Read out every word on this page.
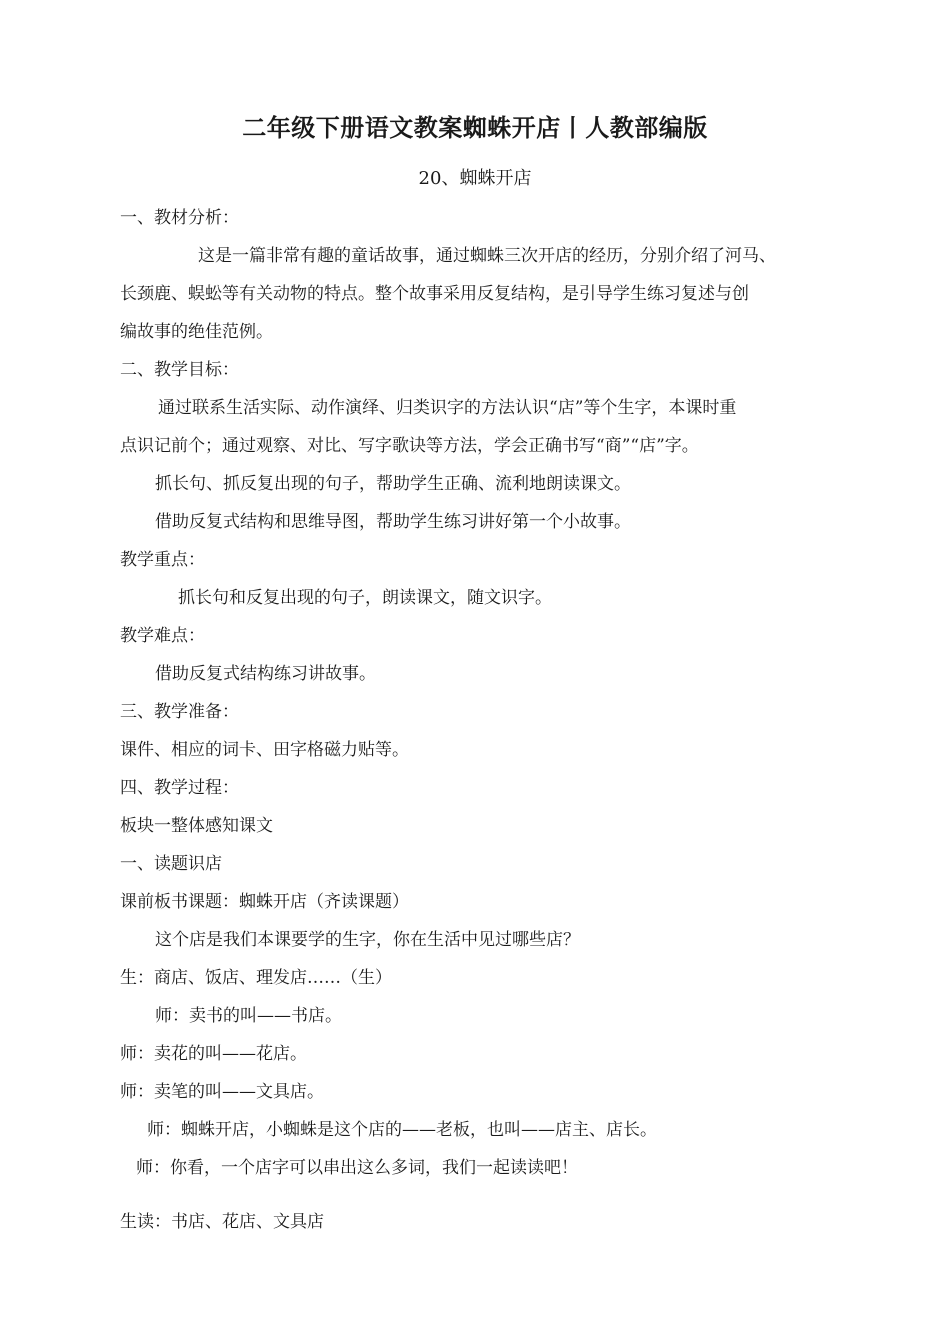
二年级下册语文教案蜘蛛开店丨人教部编版
20、蜘蛛开店
一、教材分析：
这是一篇非常有趣的童话故事，通过蜘蛛三次开店的经历，分别介绍了河马、
长颈鹿、蜈蚣等有关动物的特点。整个故事采用反复结构，是引导学生练习复述与创
编故事的绝佳范例。
二、教学目标：
通过联系生活实际、动作演绎、归类识字的方法认识“店”等个生字，本课时重
点识记前个；通过观察、对比、写字歌诀等方法，学会正确书写“商”“店”字。
抓长句、抓反复出现的句子，帮助学生正确、流利地朗读课文。
借助反复式结构和思维导图，帮助学生练习讲好第一个小故事。
教学重点：
抓长句和反复出现的句子，朗读课文，随文识字。
教学难点：
借助反复式结构练习讲故事。
三、教学准备：
课件、相应的词卡、田字格磁力贴等。
四、教学过程：
板块一整体感知课文
一、读题识店
课前板书课题：蜘蛛开店（齐读课题）
这个店是我们本课要学的生字，你在生活中见过哪些店？
生：商店、饭店、理发店……（生）
师：卖书的叫——书店。
师：卖花的叫——花店。
师：卖笔的叫——文具店。
师：蜘蛛开店，小蜘蛛是这个店的——老板，也叫——店主、店长。
师：你看，一个店字可以串出这么多词，我们一起读读吧！
生读：书店、花店、文具店
